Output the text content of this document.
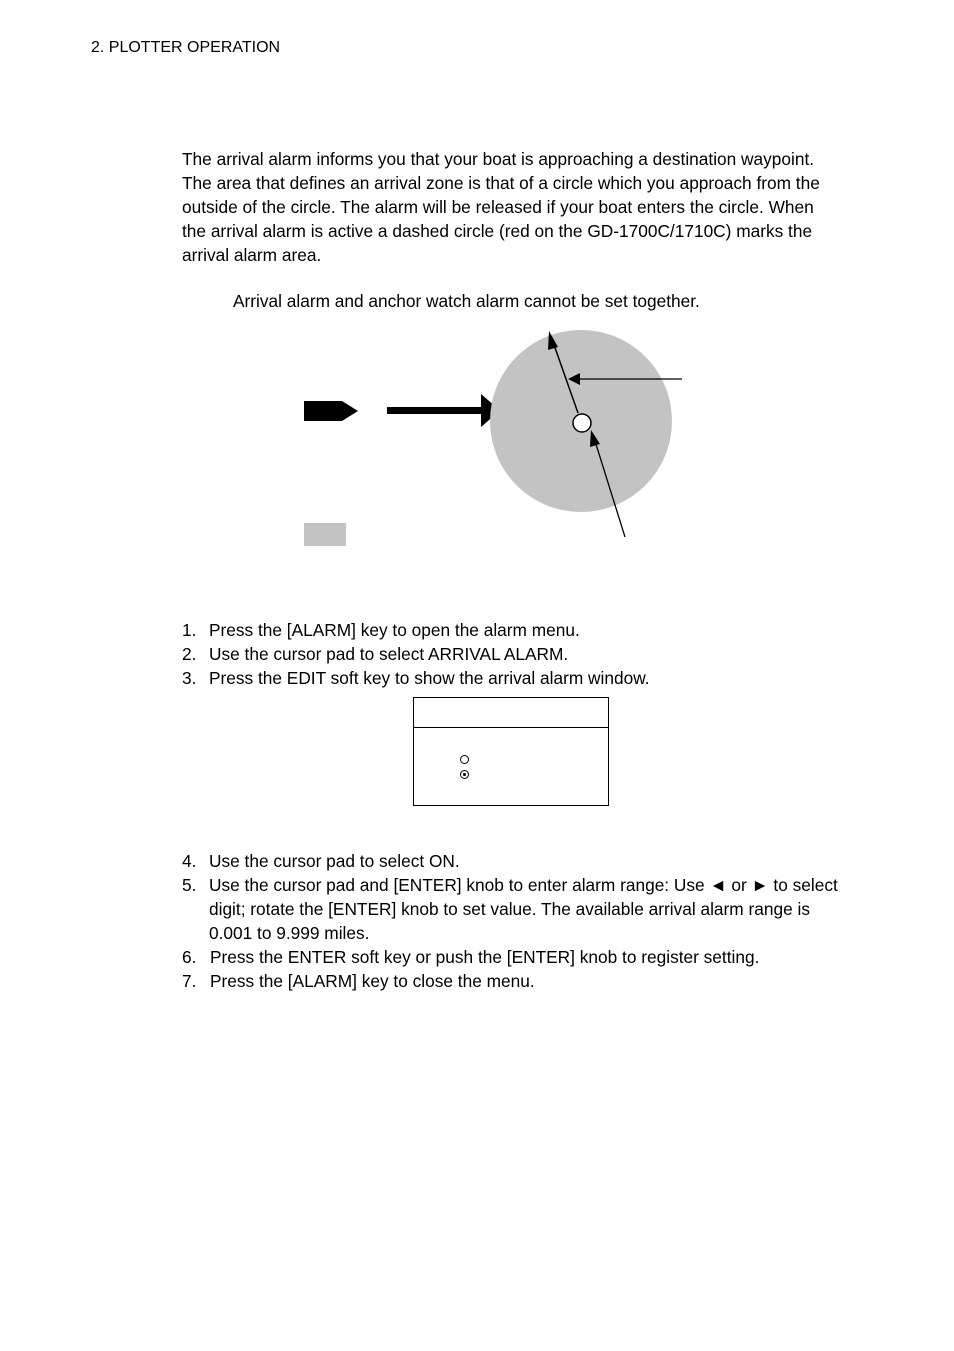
2. PLOTTER OPERATION

The arrival alarm informs you that your boat is approaching a destination waypoint. The area that defines an arrival zone is that of a circle which you approach from the outside of the circle. The alarm will be released if your boat enters the circle. When the arrival alarm is active a dashed circle (red on the GD-1700C/1710C) marks the arrival alarm area.

Arrival alarm and anchor watch alarm cannot be set together.
1. Press the [ALARM] key to open the alarm menu.
2. Use the cursor pad to select ARRIVAL ALARM.
3. Press the EDIT soft key to show the arrival alarm window.
4. Use the cursor pad to select ON.
5. Use the cursor pad and [ENTER] knob to enter alarm range: Use ◄ or ► to select digit; rotate the [ENTER] knob to set value. The available arrival alarm range is 0.001 to 9.999 miles.
6. Press the ENTER soft key or push the [ENTER] knob to register setting.
7. Press the [ALARM] key to close the menu.
